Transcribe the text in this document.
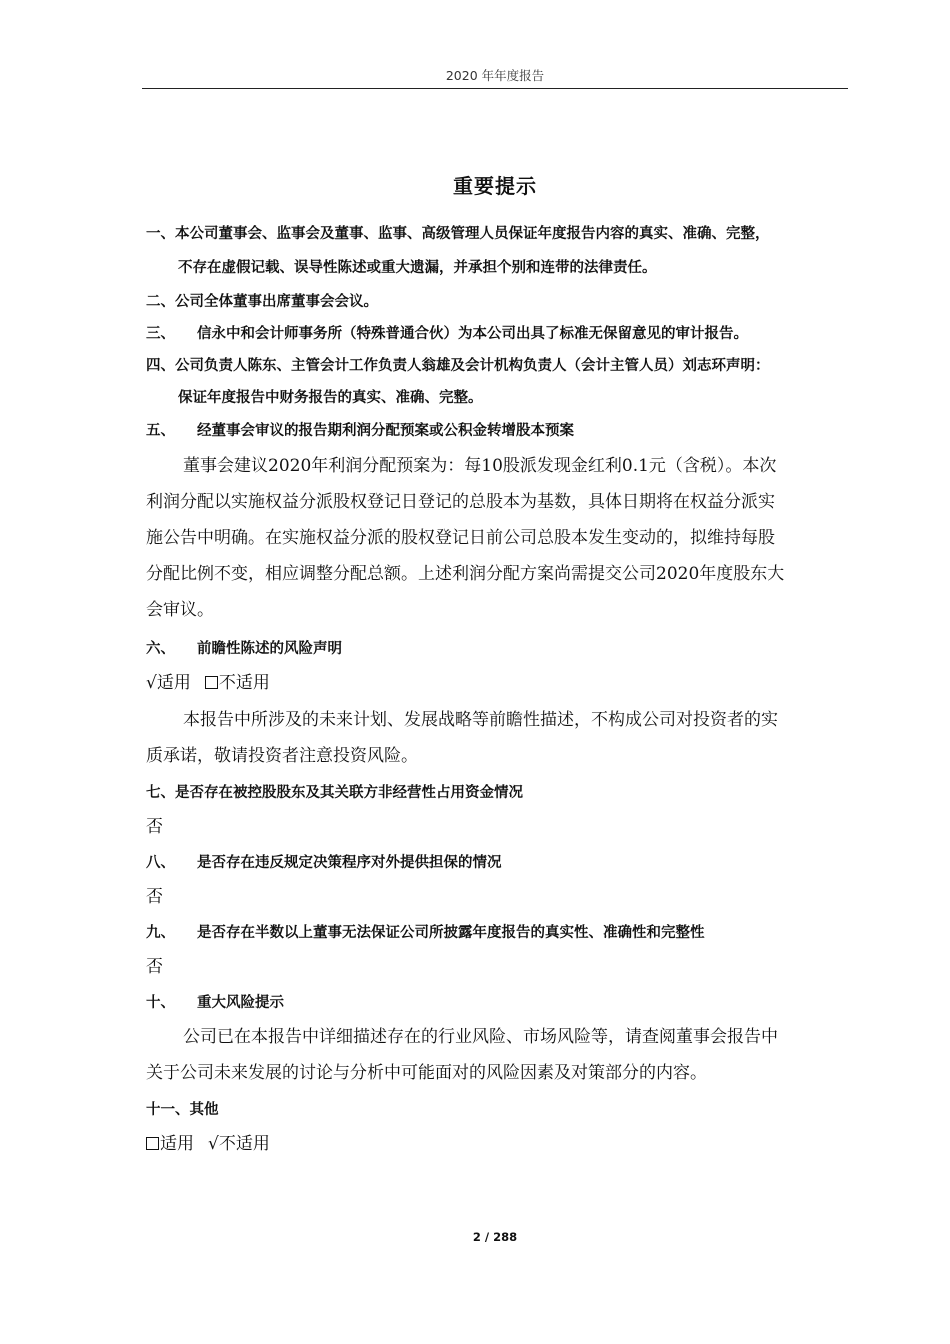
2020 年年度报告
重要提示
一、本公司董事会、监事会及董事、监事、高级管理人员保证年度报告内容的真实、准确、完整，
不存在虚假记载、误导性陈述或重大遗漏，并承担个别和连带的法律责任。
二、公司全体董事出席董事会会议。
三、 信永中和会计师事务所（特殊普通合伙）为本公司出具了标准无保留意见的审计报告。
四、公司负责人陈东、主管会计工作负责人翁雄及会计机构负责人（会计主管人员）刘志环声明：
保证年度报告中财务报告的真实、准确、完整。
五、 经董事会审议的报告期利润分配预案或公积金转增股本预案
董事会建议2020年利润分配预案为：每10股派发现金红利0.1元（含税）。本次
利润分配以实施权益分派股权登记日登记的总股本为基数，具体日期将在权益分派实
施公告中明确。在实施权益分派的股权登记日前公司总股本发生变动的，拟维持每股
分配比例不变，相应调整分配总额。上述利润分配方案尚需提交公司2020年度股东大
会审议。
六、 前瞻性陈述的风险声明
√适用 不适用
本报告中所涉及的未来计划、发展战略等前瞻性描述，不构成公司对投资者的实
质承诺，敬请投资者注意投资风险。
七、是否存在被控股股东及其关联方非经营性占用资金情况
否
八、 是否存在违反规定决策程序对外提供担保的情况
否
九、 是否存在半数以上董事无法保证公司所披露年度报告的真实性、准确性和完整性
否
十、 重大风险提示
公司已在本报告中详细描述存在的行业风险、市场风险等，请查阅董事会报告中
关于公司未来发展的讨论与分析中可能面对的风险因素及对策部分的内容。
十一、其他
适用 √不适用
2 / 288
